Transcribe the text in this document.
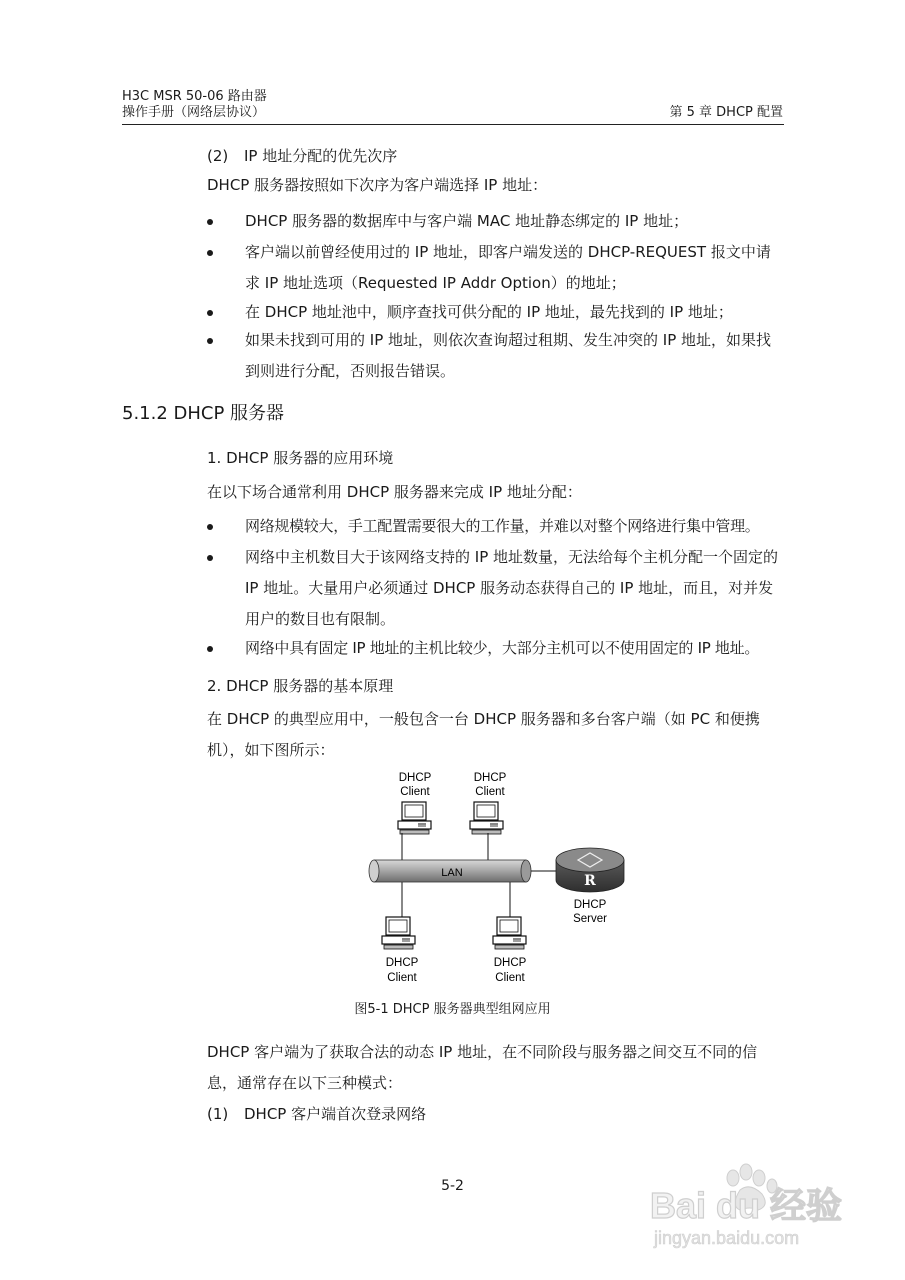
H3C MSR 50-06 路由器
操作手册（网络层协议）	第 5 章 DHCP 配置
(2) IP 地址分配的优先次序
DHCP 服务器按照如下次序为客户端选择 IP 地址：
DHCP 服务器的数据库中与客户端 MAC 地址静态绑定的 IP 地址；
客户端以前曾经使用过的 IP 地址，即客户端发送的 DHCP-REQUEST 报文中请求 IP 地址选项（Requested IP Addr Option）的地址；
在 DHCP 地址池中，顺序查找可供分配的 IP 地址，最先找到的 IP 地址；
如果未找到可用的 IP 地址，则依次查询超过租期、发生冲突的 IP 地址，如果找到则进行分配，否则报告错误。
5.1.2 DHCP 服务器
1. DHCP 服务器的应用环境
在以下场合通常利用 DHCP 服务器来完成 IP 地址分配：
网络规模较大，手工配置需要很大的工作量，并难以对整个网络进行集中管理。
网络中主机数目大于该网络支持的 IP 地址数量，无法给每个主机分配一个固定的 IP 地址。大量用户必须通过 DHCP 服务动态获得自己的 IP 地址，而且，对并发用户的数目也有限制。
网络中具有固定 IP 地址的主机比较少，大部分主机可以不使用固定的 IP 地址。
2. DHCP 服务器的基本原理
在 DHCP 的典型应用中，一般包含一台 DHCP 服务器和多台客户端（如 PC 和便携机），如下图所示：
DHCP
Client
DHCP
Client
LAN	R
DHCP
Server
DHCP
Client
DHCP
Client
图5-1 DHCP 服务器典型组网应用
DHCP 客户端为了获取合法的动态 IP 地址，在不同阶段与服务器之间交互不同的信息，通常存在以下三种模式：
(1) DHCP 客户端首次登录网络
5-2	Bai du 经验
jingyan.baidu.com
